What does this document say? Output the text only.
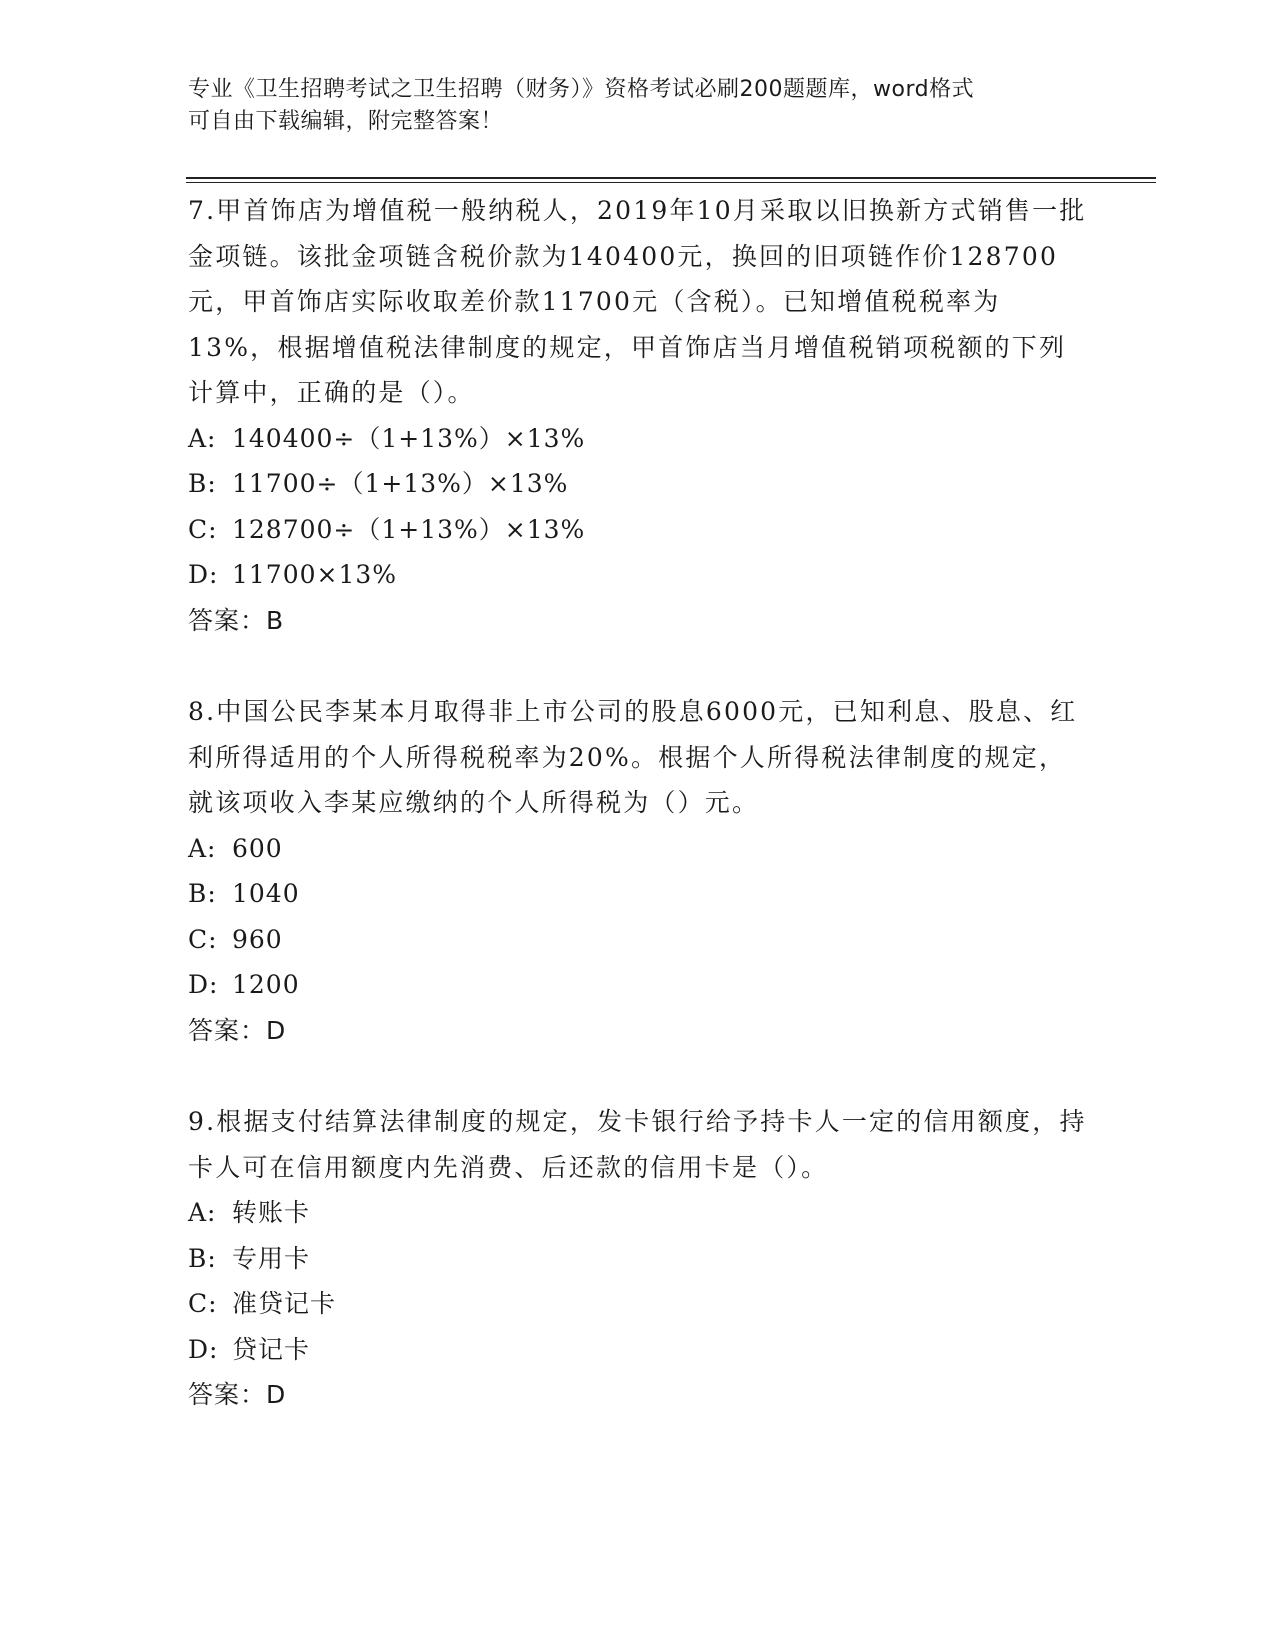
专业《卫生招聘考试之卫生招聘（财务）》资格考试必刷200题题库，word格式
可自由下载编辑，附完整答案！

7.甲首饰店为增值税一般纳税人，2019年10月采取以旧换新方式销售一批金项链。该批金项链含税价款为140400元，换回的旧项链作价128700元，甲首饰店实际收取差价款11700元（含税）。已知增值税税率为13%，根据增值税法律制度的规定，甲首饰店当月增值税销项税额的下列计算中，正确的是（）。

A: 140400÷（1+13%）×13%
B: 11700÷（1+13%）×13%
C: 128700÷（1+13%）×13%
D: 11700×13%
答案：B

8.中国公民李某本月取得非上市公司的股息6000元，已知利息、股息、红利所得适用的个人所得税税率为20%。根据个人所得税法律制度的规定，就该项收入李某应缴纳的个人所得税为（）元。

A: 600
B: 1040
C: 960
D: 1200
答案：D

9.根据支付结算法律制度的规定，发卡银行给予持卡人一定的信用额度，持卡人可在信用额度内先消费、后还款的信用卡是（）。

A: 转账卡
B: 专用卡
C: 准贷记卡
D: 贷记卡
答案：D
